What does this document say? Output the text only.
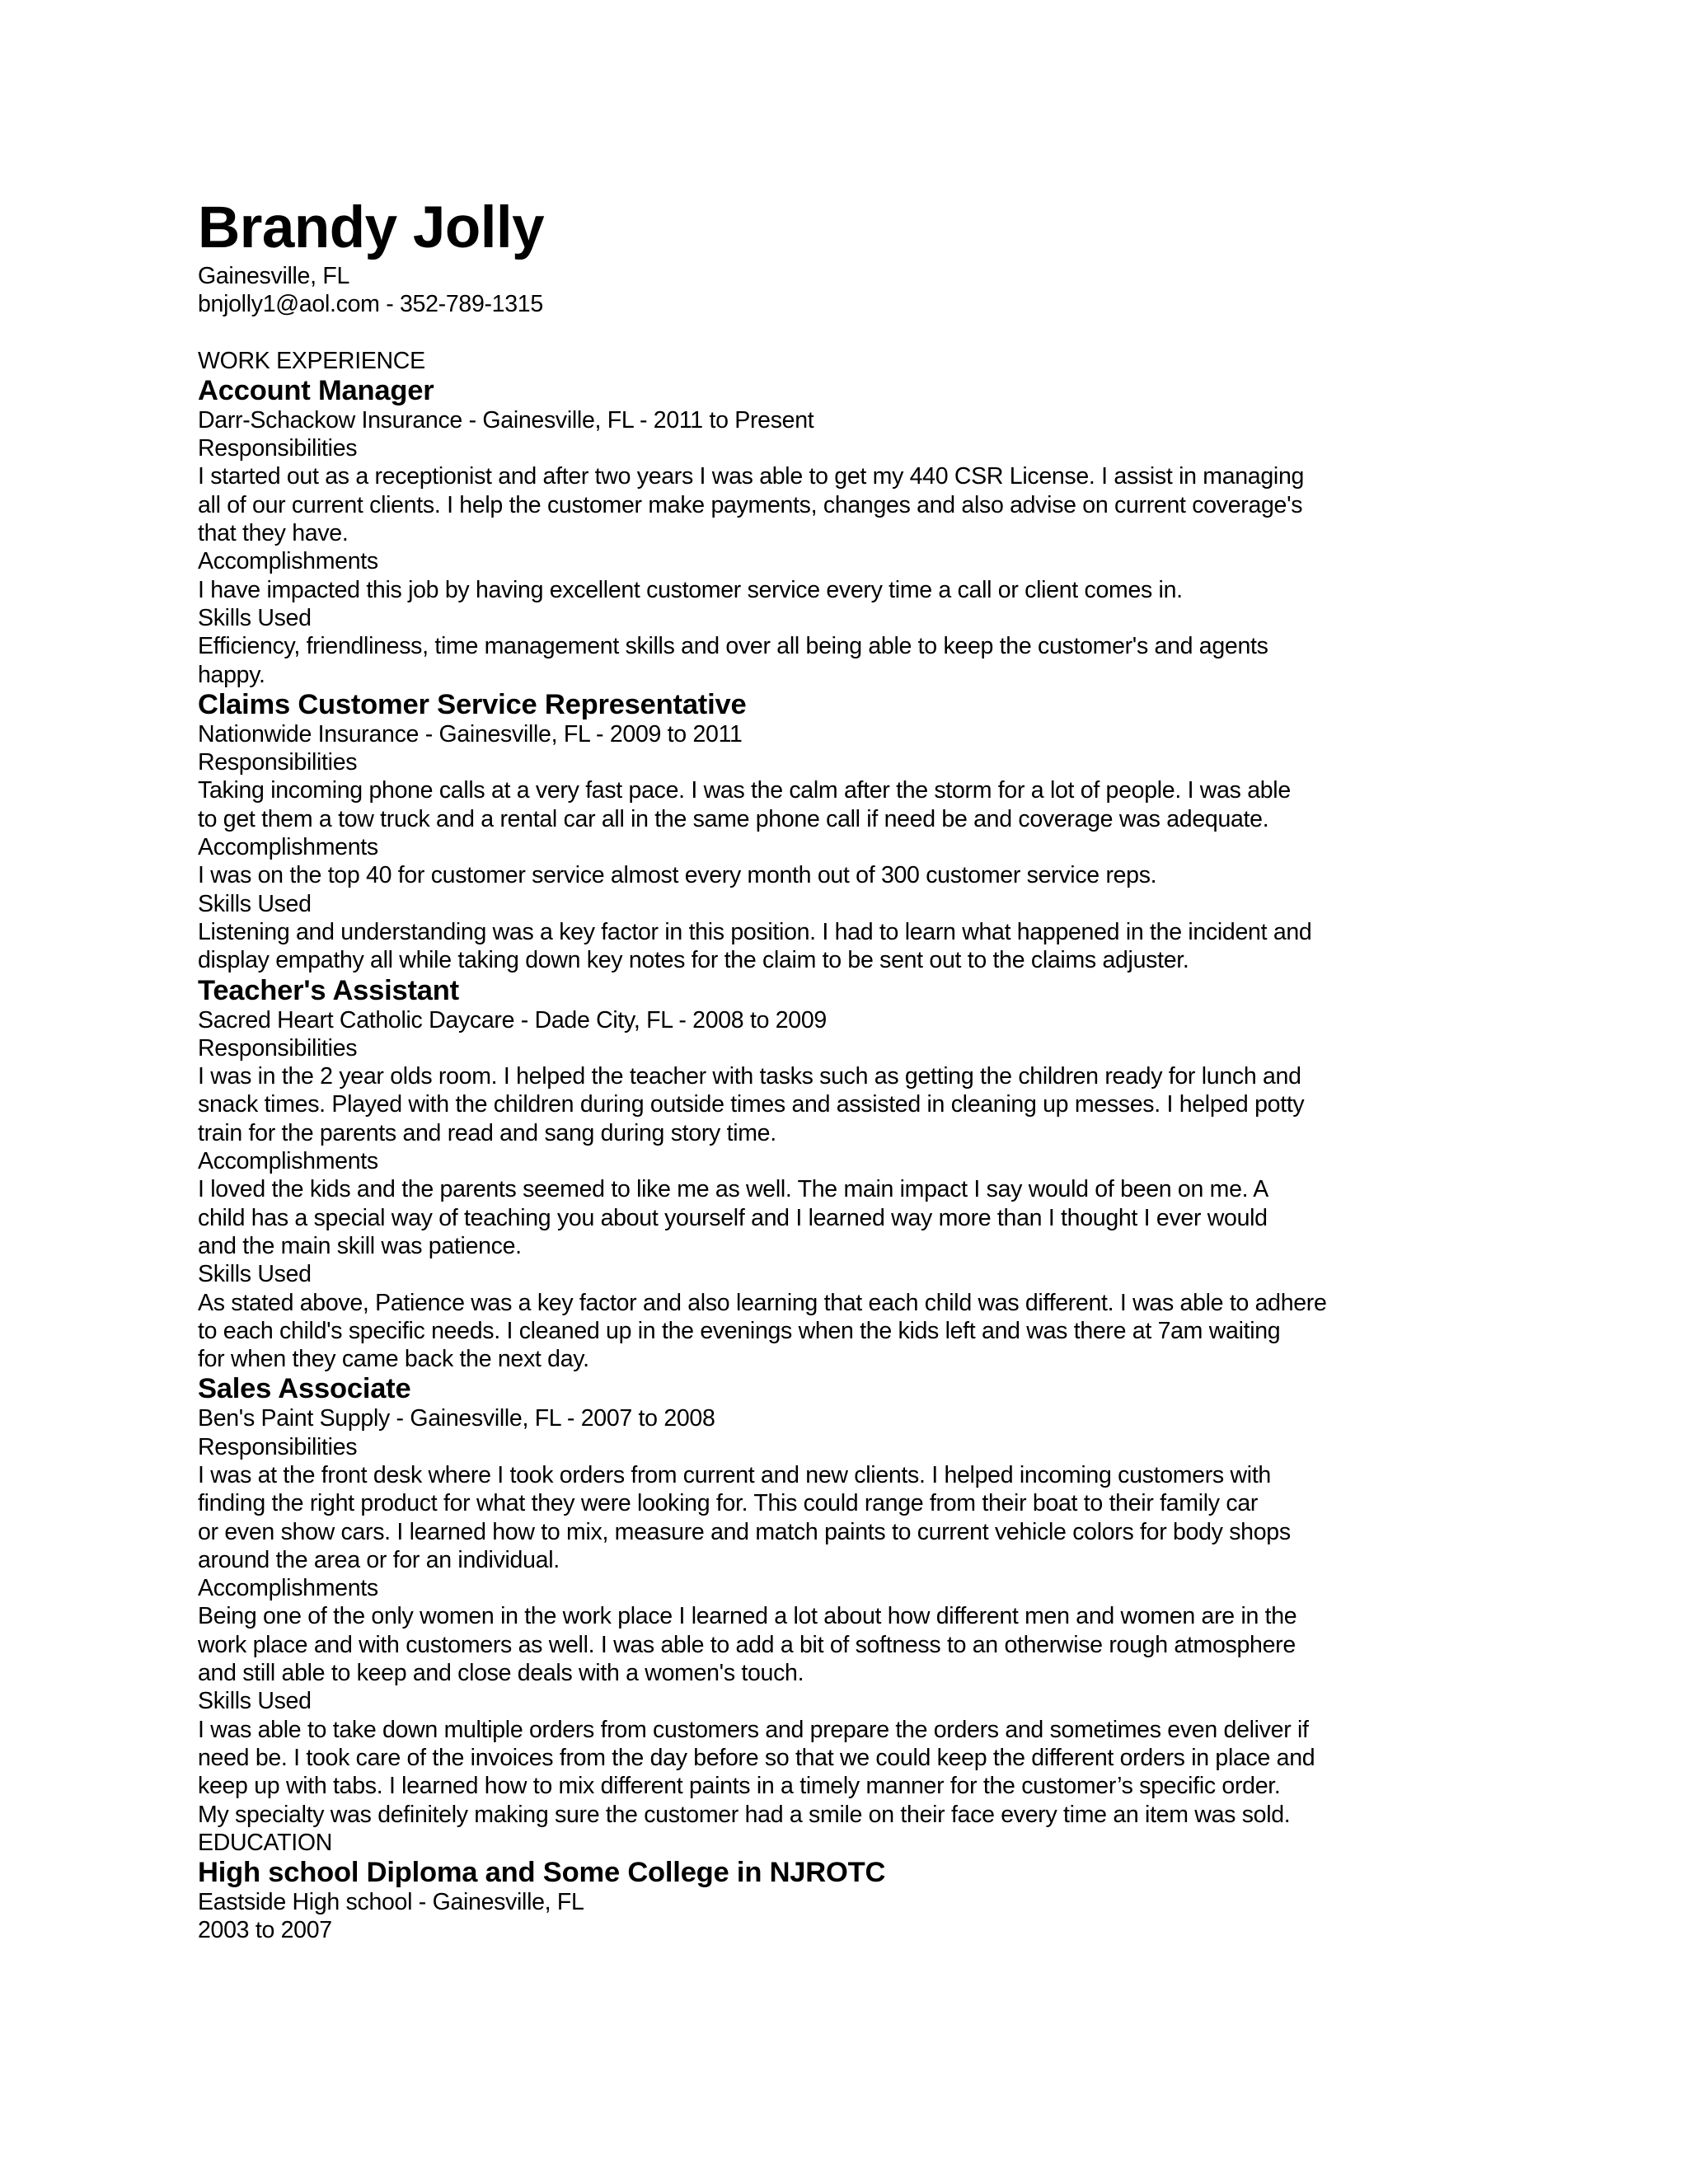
Brandy Jolly
Gainesville, FL
bnjolly1@aol.com - 352-789-1315
WORK EXPERIENCE
Account Manager
Darr-Schackow Insurance - Gainesville, FL - 2011 to Present
Responsibilities
I started out as a receptionist and after two years I was able to get my 440 CSR License. I assist in managing
all of our current clients. I help the customer make payments, changes and also advise on current coverage's
that they have.
Accomplishments
I have impacted this job by having excellent customer service every time a call or client comes in.
Skills Used
Efficiency, friendliness, time management skills and over all being able to keep the customer's and agents
happy.
Claims Customer Service Representative
Nationwide Insurance - Gainesville, FL - 2009 to 2011
Responsibilities
Taking incoming phone calls at a very fast pace. I was the calm after the storm for a lot of people. I was able
to get them a tow truck and a rental car all in the same phone call if need be and coverage was adequate.
Accomplishments
I was on the top 40 for customer service almost every month out of 300 customer service reps.
Skills Used
Listening and understanding was a key factor in this position. I had to learn what happened in the incident and
display empathy all while taking down key notes for the claim to be sent out to the claims adjuster.
Teacher's Assistant
Sacred Heart Catholic Daycare - Dade City, FL - 2008 to 2009
Responsibilities
I was in the 2 year olds room. I helped the teacher with tasks such as getting the children ready for lunch and
snack times. Played with the children during outside times and assisted in cleaning up messes. I helped potty
train for the parents and read and sang during story time.
Accomplishments
I loved the kids and the parents seemed to like me as well. The main impact I say would of been on me. A
child has a special way of teaching you about yourself and I learned way more than I thought I ever would
and the main skill was patience.
Skills Used
As stated above, Patience was a key factor and also learning that each child was different. I was able to adhere
to each child's specific needs. I cleaned up in the evenings when the kids left and was there at 7am waiting
for when they came back the next day.
Sales Associate
Ben's Paint Supply - Gainesville, FL - 2007 to 2008
Responsibilities
I was at the front desk where I took orders from current and new clients. I helped incoming customers with
finding the right product for what they were looking for. This could range from their boat to their family car
or even show cars. I learned how to mix, measure and match paints to current vehicle colors for body shops
around the area or for an individual.
Accomplishments
Being one of the only women in the work place I learned a lot about how different men and women are in the
work place and with customers as well. I was able to add a bit of softness to an otherwise rough atmosphere
and still able to keep and close deals with a women's touch.
Skills Used
I was able to take down multiple orders from customers and prepare the orders and sometimes even deliver if
need be. I took care of the invoices from the day before so that we could keep the different orders in place and
keep up with tabs. I learned how to mix different paints in a timely manner for the customer’s specific order.
My specialty was definitely making sure the customer had a smile on their face every time an item was sold.
EDUCATION
High school Diploma and Some College in NJROTC
Eastside High school - Gainesville, FL
2003 to 2007
